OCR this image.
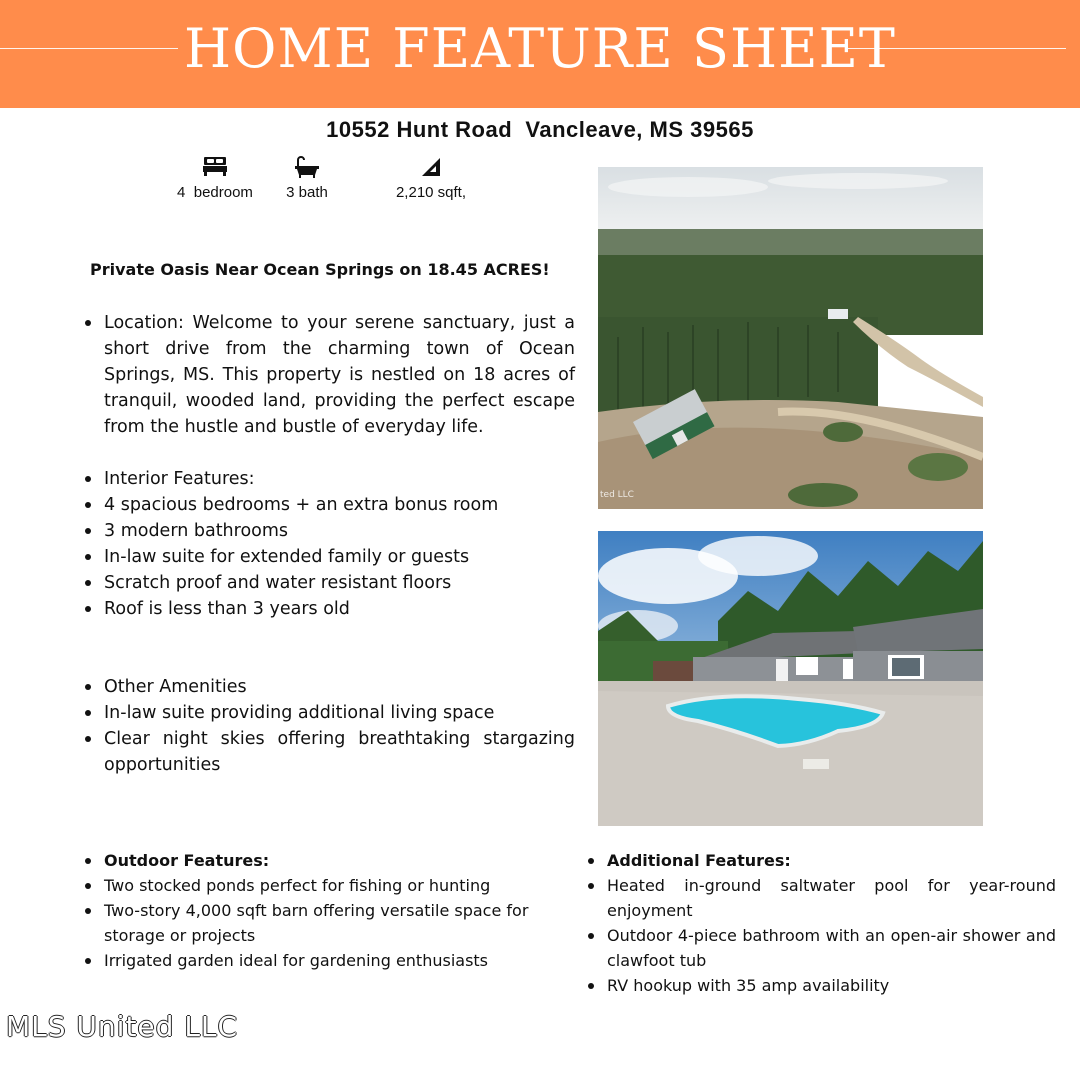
HOME FEATURE SHEET
10552 Hunt Road  Vancleave, MS 39565
4  bedroom	3 bath	2,210 sqft,
Private Oasis Near Ocean Springs on 18.45 ACRES!
Location: Welcome to your serene sanctuary, just a short drive from the charming town of Ocean Springs, MS. This property is nestled on 18 acres of tranquil, wooded land, providing the perfect escape from the hustle and bustle of everyday life.
Interior Features:
4 spacious bedrooms + an extra bonus room
3 modern bathrooms
In-law suite for extended family or guests
Scratch proof and water resistant floors
Roof is less than 3 years old
Other Amenities
In-law suite providing additional living space
Clear night skies offering breathtaking stargazing opportunities
Outdoor Features:
Two stocked ponds perfect for fishing or hunting
Two-story 4,000 sqft barn offering versatile space for storage or projects
Irrigated garden ideal for gardening enthusiasts
Additional Features:
Heated in-ground saltwater pool for year-round enjoyment
Outdoor 4-piece bathroom with an open-air shower and clawfoot tub
RV hookup with 35 amp availability
ted LLC
MLS United LLC
